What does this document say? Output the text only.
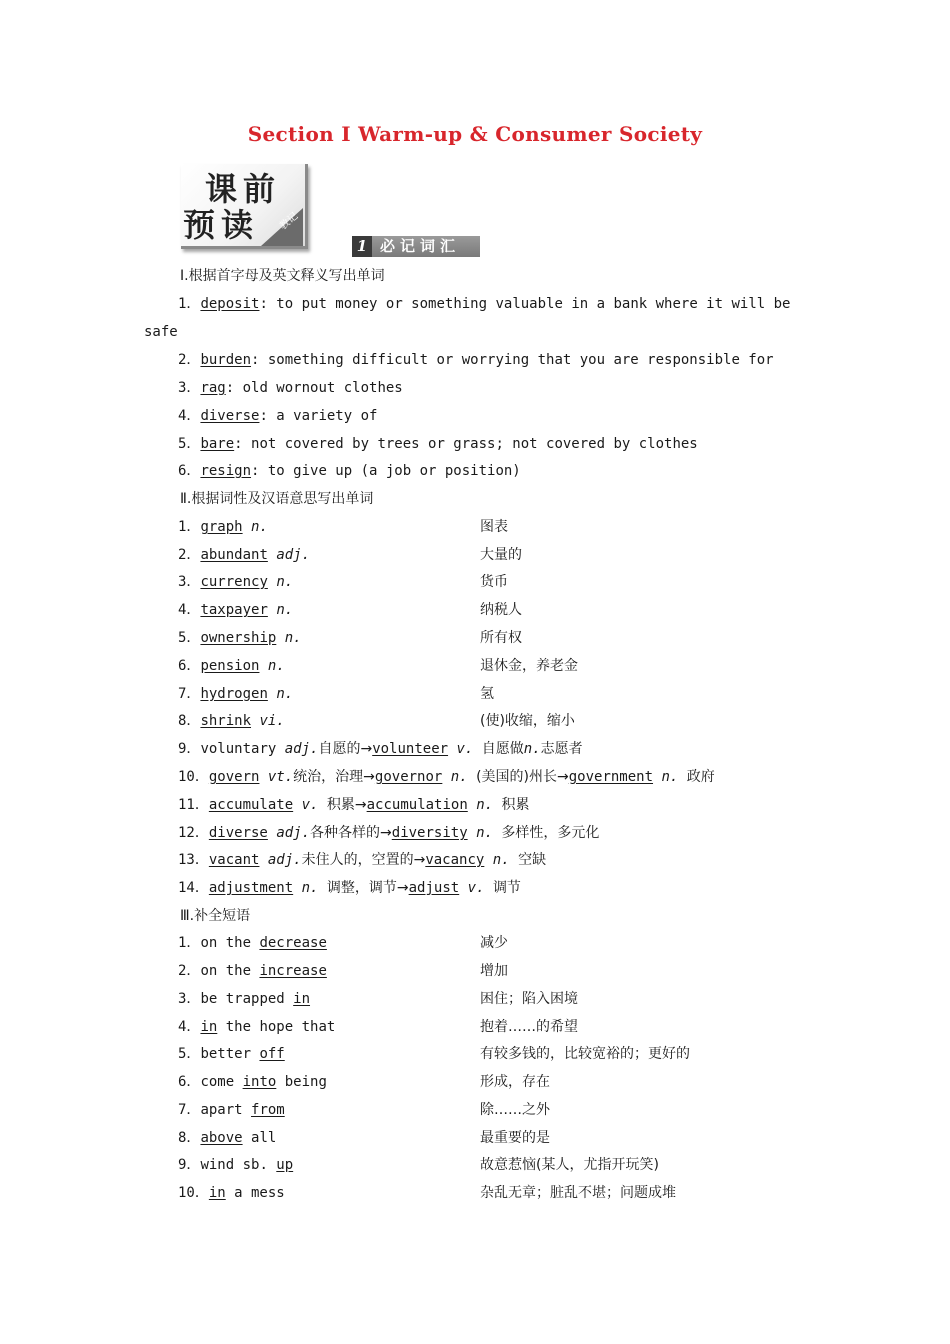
Section Ⅰ Warm-up & Consumer Society
课前
预读 教记
1 必记词汇
Ⅰ.根据首字母及英文释义写出单词
1．deposit: to put money or something valuable in a bank where it will be
safe
2．burden: something difficult or worrying that you are responsible for
3．rag: old wornout clothes
4．diverse: a variety of
5．bare: not covered by trees or grass; not covered by clothes
6．resign: to give up (a job or position)
Ⅱ.根据词性及汉语意思写出单词
1．graph n.	图表
2．abundant adj.	大量的
3．currency n.	货币
4．taxpayer n.	纳税人
5．ownership n.	所有权
6．pension n.	退休金，养老金
7．hydrogen n.	氢
8．shrink vi.	(使)收缩，缩小
9．voluntary adj.自愿的→volunteer v. 自愿做n.志愿者
10．govern vt.统治，治理→governor n. (美国的)州长→government n. 政府
11．accumulate v. 积累→accumulation n. 积累
12．diverse adj.各种各样的→diversity n. 多样性，多元化
13．vacant adj.未住人的，空置的→vacancy n. 空缺
14．adjustment n. 调整，调节→adjust v. 调节
Ⅲ.补全短语
1．on the decrease	减少
2．on the increase	增加
3．be trapped in	困住；陷入困境
4．in the hope that	抱着……的希望
5．better off	有较多钱的，比较宽裕的；更好的
6．come into being	形成，存在
7．apart from	除……之外
8．above all	最重要的是
9．wind sb. up	故意惹恼(某人，尤指开玩笑)
10．in a mess	杂乱无章；脏乱不堪；问题成堆
